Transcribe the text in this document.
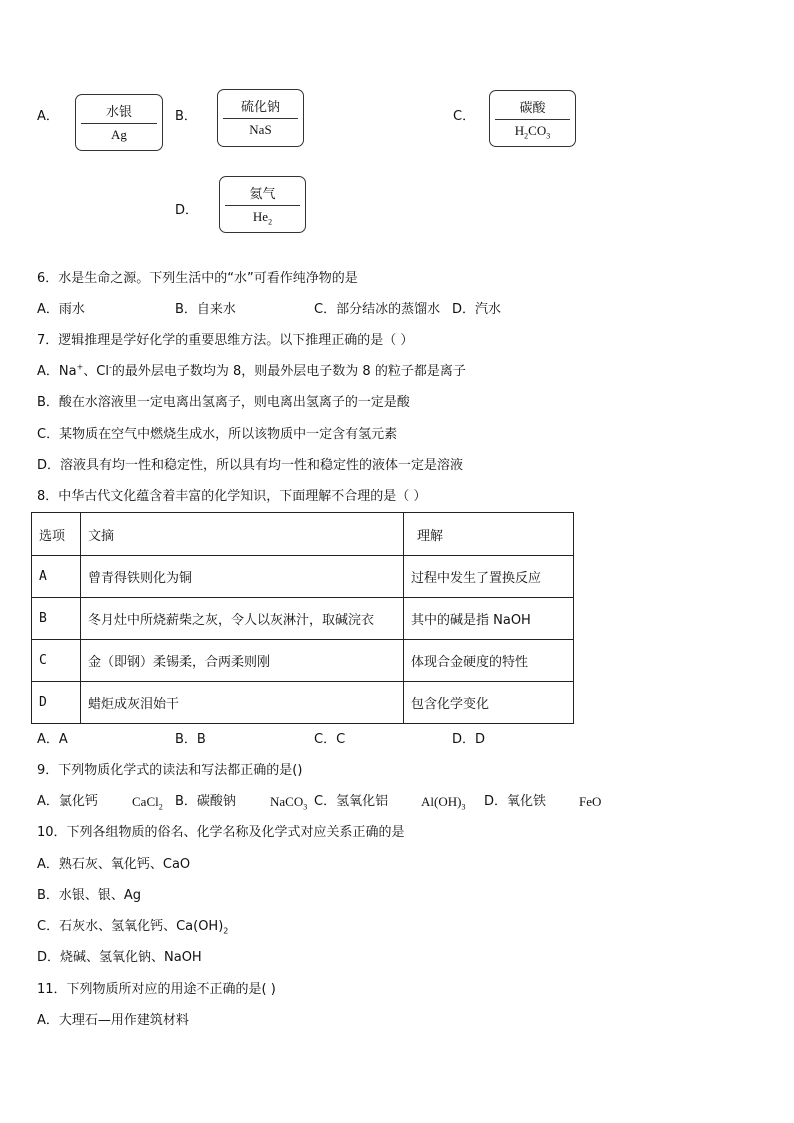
A．	水银
Ag
B．
硫化钠
NaS
C．
碳酸
$H_2CO_3$
D．
氦气
$He_2$
6．水是生命之源。下列生活中的“水”可看作纯净物的是
A．雨水	B．自来水	C．部分结冰的蒸馏水 D．汽水
7．逻辑推理是学好化学的重要思维方法。以下推理正确的是（ ）
A．Na+、Cl-的最外层电子数均为 8，则最外层电子数为 8 的粒子都是离子
B．酸在水溶液里一定电离出氢离子，则电离出氢离子的一定是酸
C．某物质在空气中燃烧生成水，所以该物质中一定含有氢元素
D．溶液具有均一性和稳定性，所以具有均一性和稳定性的液体一定是溶液
8．中华古代文化蕴含着丰富的化学知识，下面理解不合理的是（ ）
选项	文摘	理解
A	曾青得铁则化为铜	过程中发生了置换反应
B	冬月灶中所烧薪柴之灰，令人以灰淋汁，取碱浣衣	其中的碱是指 NaOH
C	金（即钢）柔锡柔，合两柔则刚	体现合金硬度的特性
D	蜡炬成灰泪始干	包含化学变化
A．A	B．B	C．C	D．D
9．下列物质化学式的读法和写法都正确的是()
A．氯化钙	CaCl$_2$ B．碳酸钠	NaCO$_3$ C．氢氧化铝	$Al(OH)_3$ D．氧化铁	FeO
10．下列各组物质的俗名、化学名称及化学式对应关系正确的是
A．熟石灰、氧化钙、CaO
B．水银、银、Ag
C．石灰水、氢氧化钙、$Ca(OH)_2$
D．烧碱、氢氧化钠、NaOH
11．下列物质所对应的用途不正确的是( )
A．大理石—用作建筑材料
